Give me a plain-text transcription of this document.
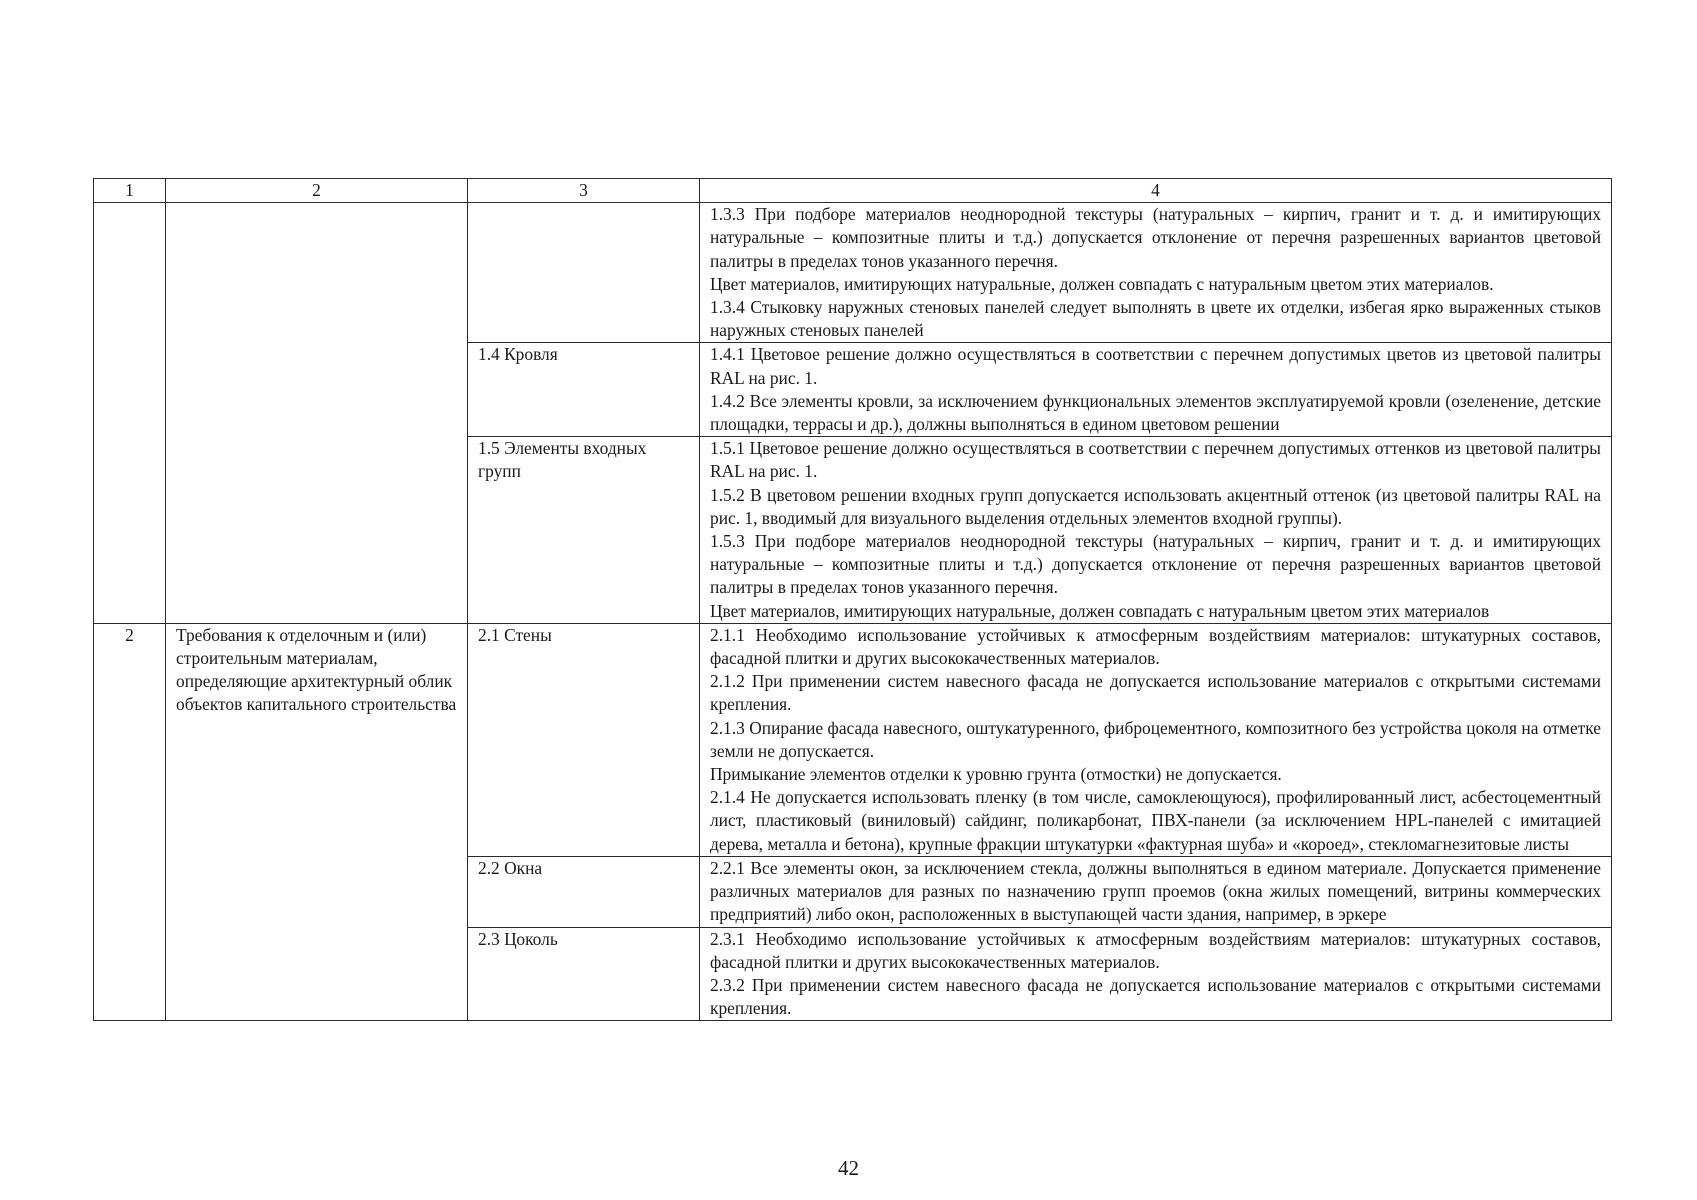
1	2	3	4

			1.3.3 При подборе материалов неоднородной текстуры (натуральных – кирпич, гранит и т. д. и имитирующих натуральные – композитные плиты и т.д.) допускается отклонение от перечня разрешенных вариантов цветовой палитры в пределах тонов указанного перечня.

Цвет материалов, имитирующих натуральные, должен совпадать с натуральным цветом этих материалов.

1.3.4 Стыковку наружных стеновых панелей следует выполнять в цвете их отделки, избегая ярко выраженных стыков наружных стеновых панелей

		1.4 Кровля	1.4.1 Цветовое решение должно осуществляться в соответствии с перечнем допустимых цветов из цветовой палитры RAL на рис. 1.

1.4.2 Все элементы кровли, за исключением функциональных элементов эксплуатируемой кровли (озеленение, детские площадки, террасы и др.), должны выполняться в едином цветовом решении

		1.5 Элементы входных групп	1.5.1 Цветовое решение должно осуществляться в соответствии с перечнем допустимых оттенков из цветовой палитры RAL на рис. 1.

1.5.2 В цветовом решении входных групп допускается использовать акцентный оттенок (из цветовой палитры RAL на рис. 1, вводимый для визуального выделения отдельных элементов входной группы).

1.5.3 При подборе материалов неоднородной текстуры (натуральных – кирпич, гранит и т. д. и имитирующих натуральные – композитные плиты и т.д.) допускается отклонение от перечня разрешенных вариантов цветовой палитры в пределах тонов указанного перечня.

Цвет материалов, имитирующих натуральные, должен совпадать с натуральным цветом этих материалов

2	Требования к отделочным и (или) строительным материалам, определяющие архитектурный облик объектов капитального строительства	2.1 Стены	2.1.1 Необходимо использование устойчивых к атмосферным воздействиям материалов: штукатурных составов, фасадной плитки и других высококачественных материалов.

2.1.2 При применении систем навесного фасада не допускается использование материалов с открытыми системами крепления.

2.1.3 Опирание фасада навесного, оштукатуренного, фиброцементного, композитного без устройства цоколя на отметке земли не допускается.

Примыкание элементов отделки к уровню грунта (отмостки) не допускается.

2.1.4 Не допускается использовать пленку (в том числе, самоклеющуюся), профилированный лист, асбестоцементный лист, пластиковый (виниловый) сайдинг, поликарбонат, ПВХ-панели (за исключением HPL-панелей с имитацией дерева, металла и бетона), крупные фракции штукатурки «фактурная шуба» и «короед», стекломагнезитовые листы

		2.2 Окна	2.2.1 Все элементы окон, за исключением стекла, должны выполняться в едином материале. Допускается применение различных материалов для разных по назначению групп проемов (окна жилых помещений, витрины коммерческих предприятий) либо окон, расположенных в выступающей части здания, например, в эркере

		2.3 Цоколь	2.3.1 Необходимо использование устойчивых к атмосферным воздействиям материалов: штукатурных составов, фасадной плитки и других высококачественных материалов.

2.3.2 При применении систем навесного фасада не допускается использование материалов с открытыми системами крепления.

42
